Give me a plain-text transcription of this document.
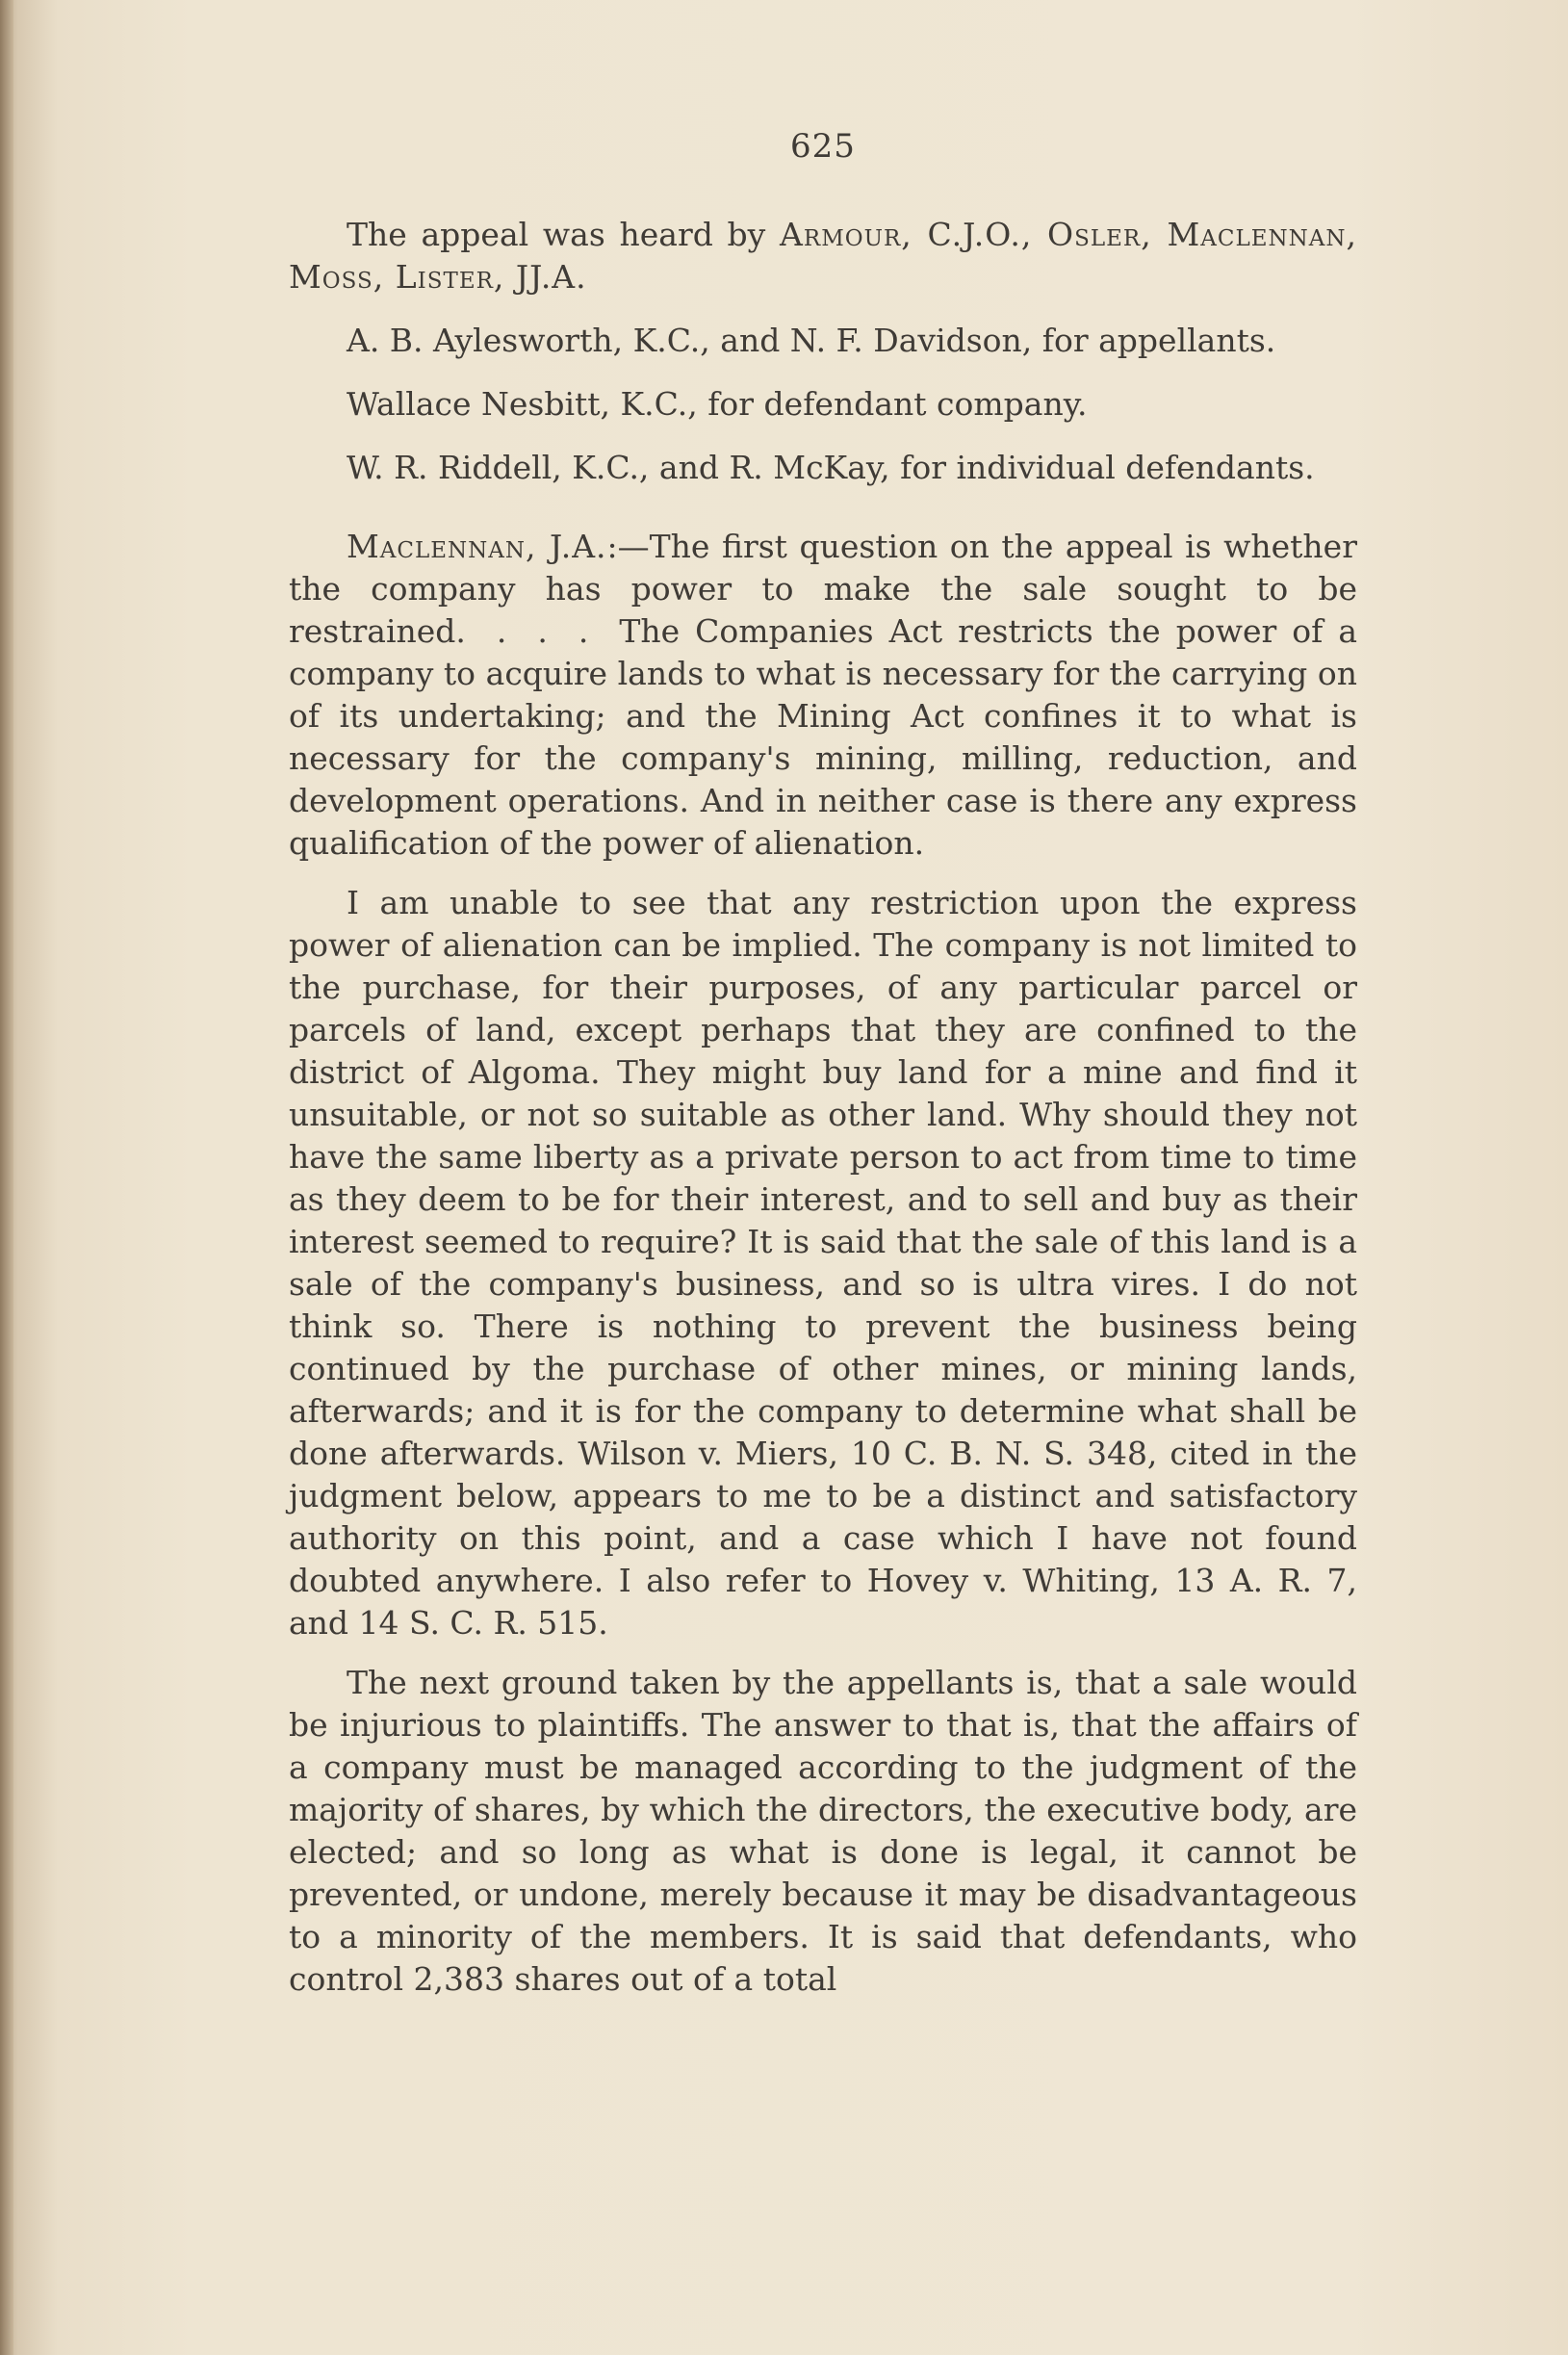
625

The appeal was heard by Armour, C.J.O., Osler, Maclennan, Moss, Lister, JJ.A.

A. B. Aylesworth, K.C., and N. F. Davidson, for appellants.

Wallace Nesbitt, K.C., for defendant company.

W. R. Riddell, K.C., and R. McKay, for individual defendants.

Maclennan, J.A.:—The first question on the appeal is whether the company has power to make the sale sought to be restrained.  .  .  .  The Companies Act restricts the power of a company to acquire lands to what is necessary for the carrying on of its undertaking; and the Mining Act confines it to what is necessary for the company's mining, milling, reduction, and development operations. And in neither case is there any express qualification of the power of alienation.

I am unable to see that any restriction upon the express power of alienation can be implied. The company is not limited to the purchase, for their purposes, of any particular parcel or parcels of land, except perhaps that they are confined to the district of Algoma. They might buy land for a mine and find it unsuitable, or not so suitable as other land. Why should they not have the same liberty as a private person to act from time to time as they deem to be for their interest, and to sell and buy as their interest seemed to require? It is said that the sale of this land is a sale of the company's business, and so is ultra vires. I do not think so. There is nothing to prevent the business being continued by the purchase of other mines, or mining lands, afterwards; and it is for the company to determine what shall be done afterwards. Wilson v. Miers, 10 C. B. N. S. 348, cited in the judgment below, appears to me to be a distinct and satisfactory authority on this point, and a case which I have not found doubted anywhere. I also refer to Hovey v. Whiting, 13 A. R. 7, and 14 S. C. R. 515.

The next ground taken by the appellants is, that a sale would be injurious to plaintiffs. The answer to that is, that the affairs of a company must be managed according to the judgment of the majority of shares, by which the directors, the executive body, are elected; and so long as what is done is legal, it cannot be prevented, or undone, merely because it may be disadvantageous to a minority of the members. It is said that defendants, who control 2,383 shares out of a total
